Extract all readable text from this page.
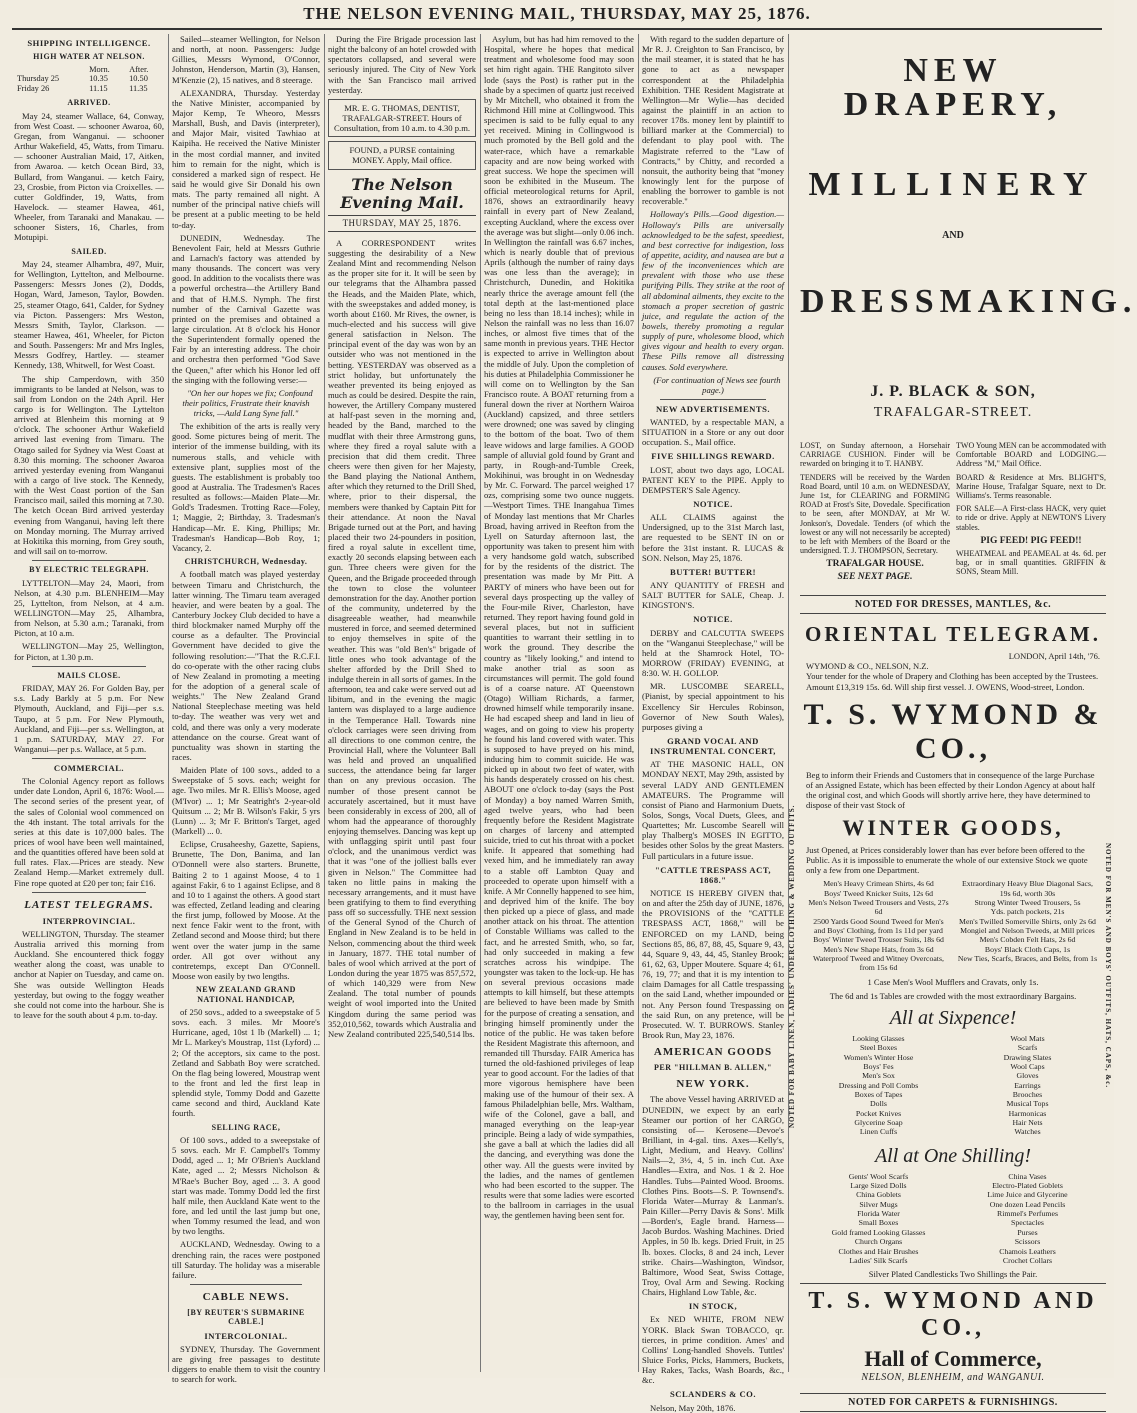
THE NELSON EVENING MAIL, THURSDAY, MAY 25, 1876.

SHIPPING INTELLIGENCE.

HIGH WATER AT NELSON.

	Morn.	After.
Thursday 25	10.35	10.50
Friday 26	11.15	11.35

ARRIVED.

May 24, steamer Wallace, 64, Conway, from West Coast. — schooner Awaroa, 60, Gregan, from Wanganui. — schooner Arthur Wakefield, 45, Watts, from Timaru. — schooner Australian Maid, 17, Aitken, from Awaroa. — ketch Ocean Bird, 33, Bullard, from Wanganui. — ketch Fairy, 23, Crosbie, from Picton via Croixelles. — cutter Goldfinder, 19, Watts, from Havelock. — steamer Hawea, 461, Wheeler, from Taranaki and Manakau. — schooner Sisters, 16, Charles, from Motupipi.

SAILED.

May 24, steamer Alhambra, 497, Muir, for Wellington, Lyttelton, and Melbourne. Passengers: Messrs Jones (2), Dodds, Hogan, Ward, Jameson, Taylor, Bowden. 25, steamer Otago, 641, Calder, for Sydney via Picton. Passengers: Mrs Weston, Messrs Smith, Taylor, Clarkson. — steamer Hawea, 461, Wheeler, for Picton and South. Passengers: Mr and Mrs Ingles, Messrs Godfrey, Hartley. — steamer Kennedy, 138, Whitwell, for West Coast.

The ship Camperdown, with 350 immigrants to be landed at Nelson, was to sail from London on the 24th April. Her cargo is for Wellington. The Lyttelton arrived at Blenheim this morning at 9 o'clock. The schooner Arthur Wakefield arrived last evening from Timaru. The Otago sailed for Sydney via West Coast at 8.30 this morning. The schooner Awaroa arrived yesterday evening from Wanganui with a cargo of live stock. The Kennedy, with the West Coast portion of the San Francisco mail, sailed this morning at 7.30. The ketch Ocean Bird arrived yesterday evening from Wanganui, having left there on Monday morning. The Murray arrived at Hokitika this morning, from Grey south, and will sail on to-morrow.

BY ELECTRIC TELEGRAPH.

LYTTELTON—May 24, Maori, from Nelson, at 4.30 p.m. BLENHEIM—May 25, Lyttelton, from Nelson, at 4 a.m. WELLINGTON—May 25, Alhambra, from Nelson, at 5.30 a.m.; Taranaki, from Picton, at 10 a.m.

WELLINGTON—May 25, Wellington, for Picton, at 1.30 p.m.

MAILS CLOSE.

FRIDAY, MAY 26. For Golden Bay, per s.s. Lady Barkly at 5 p.m. For New Plymouth, Auckland, and Fiji—per s.s. Taupo, at 5 p.m. For New Plymouth, Auckland, and Fiji—per s.s. Wellington, at 1 p.m. SATURDAY, MAY 27. For Wanganui—per p.s. Wallace, at 5 p.m.

COMMERCIAL.

The Colonial Agency report as follows under date London, April 6, 1876: Wool.—The second series of the present year, of the sales of Colonial wool commenced on the 4th instant. The total arrivals for the series at this date is 107,000 bales. The prices of wool have been well maintained, and the quantities offered have been sold at full rates. Flax.—Prices are steady. New Zealand Hemp.—Market extremely dull. Fine rope quoted at £20 per ton; fair £16.

LATEST TELEGRAMS.

INTERPROVINCIAL.

WELLINGTON, Thursday. The steamer Australia arrived this morning from Auckland. She encountered thick foggy weather along the coast, was unable to anchor at Napier on Tuesday, and came on. She was outside Wellington Heads yesterday, but owing to the foggy weather she could not come into the harbour. She is to leave for the south about 4 p.m. to-day.

Sailed—steamer Wellington, for Nelson and north, at noon. Passengers: Judge Gillies, Messrs Wymond, O'Connor, Johnston, Henderson, Martin (3), Hansen, M'Kenzie (2), 15 natives, and 8 steerage.

ALEXANDRA, Thursday. Yesterday the Native Minister, accompanied by Major Kemp, Te Wheoro, Messrs Marshall, Bush, and Davis (interpreter), and Major Mair, visited Tawhiao at Kaipiha. He received the Native Minister in the most cordial manner, and invited him to remain for the night, which is considered a marked sign of respect. He said he would give Sir Donald his own mats. The party remained all night. A number of the principal native chiefs will be present at a public meeting to be held to-day.

DUNEDIN, Wednesday. The Benevolent Fair, held at Messrs Guthrie and Larnach's factory was attended by many thousands. The concert was very good. In addition to the vocalists there was a powerful orchestra—the Artillery Band and that of H.M.S. Nymph. The first number of the Carnival Gazette was printed on the premises and obtained a large circulation. At 8 o'clock his Honor the Superintendent formally opened the Fair by an interesting address. The choir and orchestra then performed "God Save the Queen," after which his Honor led off the singing with the following verse:—

"On her our hopes we fix; Confound their politics, Frustrate their knavish tricks, —Auld Lang Syne fall."

The exhibition of the arts is really very good. Some pictures being of merit. The interior of the immense building, with its numerous stalls, and vehicle with extensive plant, supplies most of the guests. The establishment is probably too good at Australia. The Tradesmen's Races resulted as follows:—Maiden Plate—Mr. Gold's Tradesmen. Trotting Race—Foley, 1; Maggie, 2; Birthday, 3. Tradesman's Handicap—Mr. E. King, Phillips; Mr. Tradesman's Handicap—Bob Roy, 1; Vacancy, 2.

CHRISTCHURCH, Wednesday.

A football match was played yesterday between Timaru and Christchurch, the latter winning. The Timaru team averaged heavier, and were beaten by a goal. The Canterbury Jockey Club decided to have a third blockmaker named Murphy off the course as a defaulter. The Provincial Government have decided to give the following resolution:—"That the R.C.F.I. do co-operate with the other racing clubs of New Zealand in promoting a meeting for the adoption of a general scale of weights." The New Zealand Grand National Steeplechase meeting was held to-day. The weather was very wet and cold, and there was only a very moderate attendance on the course. Great want of punctuality was shown in starting the races.

Maiden Plate of 100 sovs., added to a Sweepstake of 5 sovs. each; weight for age. Two miles. Mr R. Ellis's Moose, aged (M'Ivor) ... 1; Mr Seatright's 2-year-old Quitsum ... 2; Mr B. Wilson's Fakir, 5 yrs (Lunn) ... 3; Mr F. Britton's Target, aged (Markell) ... 0.

Eclipse, Crusaheeshy, Gazette, Sapiens, Brunette, The Don, Banima, and Ian O'Donnell were also starters. Brunette, Baiting 2 to 1 against Moose, 4 to 1 against Fakir, 6 to 1 against Eclipse, and 8 and 10 to 1 against the others. A good start was effected, Zetland leading and clearing the first jump, followed by Moose. At the next fence Fakir went to the front, with Zetland second and Moose third; but there went over the water jump in the same order. All got over without any contretemps, except Dan O'Connell. Moose won easily by two lengths.

NEW ZEALAND GRAND NATIONAL HANDICAP,

of 250 sovs., added to a sweepstake of 5 sovs. each. 3 miles. Mr Moore's Hurricane, aged, 10st 1 lb (Markell) ... 1; Mr L. Markey's Moustrap, 11st (Lyford) ... 2; Of the acceptors, six came to the post. Zetland and Sabbath Boy were scratched. On the flag being lowered, Moustrap went to the front and led the first leap in splendid style, Tommy Dodd and Gazette came second and third, Auckland Kate fourth.

SELLING RACE,

Of 100 sovs., added to a sweepstake of 5 sovs. each. Mr F. Campbell's Tommy Dodd, aged ... 1; Mr O'Brien's Auckland Kate, aged ... 2; Messrs Nicholson & M'Rae's Bucher Boy, aged ... 3. A good start was made. Tommy Dodd led the first half mile, then Auckland Kate went to the fore, and led until the last jump but one, when Tommy resumed the lead, and won by two lengths.

AUCKLAND, Wednesday. Owing to a drenching rain, the races were postponed till Saturday. The holiday was a miserable failure.

CABLE NEWS.

[BY REUTER'S SUBMARINE CABLE.]

INTERCOLONIAL.

SYDNEY, Thursday. The Government are giving free passages to destitute diggers to enable them to visit the country to search for work.

During the Fire Brigade procession last night the balcony of an hotel crowded with spectators collapsed, and several were seriously injured. The City of New York with the San Francisco mail arrived yesterday.

MR. E. G. THOMAS, DENTIST, TRAFALGAR-STREET. Hours of Consultation, from 10 a.m. to 4.30 p.m.
FOUND, a PURSE containing MONEY. Apply, Mail office.
The Nelson Evening Mail.
THURSDAY, MAY 25, 1876.

A CORRESPONDENT writes suggesting the desirability of a New Zealand Mint and recommending Nelson as the proper site for it. It will be seen by our telegrams that the Alhambra passed the Heads, and the Maiden Plate, which, with the sweepstakes and added money, is worth about £160. Mr Rives, the owner, is much-elected and his success will give general satisfaction in Nelson. The principal event of the day was won by an outsider who was not mentioned in the betting. YESTERDAY was observed as a strict holiday, but unfortunately the weather prevented its being enjoyed as much as could be desired. Despite the rain, however, the Artillery Company mustered at half-past seven in the morning and, headed by the Band, marched to the mudflat with their three Armstrong guns, where they fired a royal salute with a precision that did them credit. Three cheers were then given for her Majesty, the Band playing the National Anthem, after which they returned to the Drill Shed, where, prior to their dispersal, the members were thanked by Captain Pitt for their attendance. At noon the Naval Brigade turned out at the Port, and having placed their two 24-pounders in position, fired a royal salute in excellent time, exactly 20 seconds elapsing between each gun. Three cheers were given for the Queen, and the Brigade proceeded through the town to close the volunteer demonstration for the day. Another portion of the community, undeterred by the disagreeable weather, had meanwhile mustered in force, and seemed determined to enjoy themselves in spite of the weather. This was "old Ben's" brigade of little ones who took advantage of the shelter afforded by the Drill Shed to indulge therein in all sorts of games. In the afternoon, tea and cake were served out ad libitum, and in the evening the magic lantern was displayed to a large audience in the Temperance Hall. Towards nine o'clock carriages were seen driving from all directions to one common centre, the Provincial Hall, where the Volunteer Ball was held and proved an unqualified success, the attendance being far larger than on any previous occasion. The number of those present cannot be accurately ascertained, but it must have been considerably in excess of 200, all of whom had the appearance of thoroughly enjoying themselves. Dancing was kept up with unflagging spirit until past four o'clock, and the unanimous verdict was that it was "one of the jolliest balls ever given in Nelson." The Committee had taken no little pains in making the necessary arrangements, and it must have been gratifying to them to find everything pass off so successfully. THE next session of the General Synod of the Church of England in New Zealand is to be held in Nelson, commencing about the third week in January, 1877. THE total number of bales of wool which arrived at the port of London during the year 1875 was 857,572, of which 140,329 were from New Zealand. The total number of pounds weight of wool imported into the United Kingdom during the same period was 352,010,562, towards which Australia and New Zealand contributed 225,540,514 lbs.

Asylum, but has had him removed to the Hospital, where he hopes that medical treatment and wholesome food may soon set him right again. THE Rangitoto silver lode (says the Post) is rather put in the shade by a specimen of quartz just received by Mr Mitchell, who obtained it from the Richmond Hill mine at Collingwood. This specimen is said to be fully equal to any yet received. Mining in Collingwood is much promoted by the Bell gold and the water-race, which have a remarkable capacity and are now being worked with great success. We hope the specimen will soon be exhibited in the Museum. The official meteorological returns for April, 1876, shows an extraordinarily heavy rainfall in every part of New Zealand, excepting Auckland, where the excess over the average was but slight—only 0.06 inch. In Wellington the rainfall was 6.67 inches, which is nearly double that of previous Aprils (although the number of rainy days was one less than the average); in Christchurch, Dunedin, and Hokitika nearly thrice the average amount fell (the total depth at the last-mentioned place being no less than 18.14 inches); while in Nelson the rainfall was no less than 16.07 inches, or almost five times that of the same month in previous years. THE Hector is expected to arrive in Wellington about the middle of July. Upon the completion of his duties at Philadelphia Commissioner he will come on to Wellington by the San Francisco route. A BOAT returning from a funeral down the river at Northern Wairoa (Auckland) capsized, and three settlers were drowned; one was saved by clinging to the bottom of the boat. Two of them leave widows and large families. A GOOD sample of alluvial gold found by Grant and party, in Rough-and-Tumble Creek, Mokihinui, was brought in on Wednesday by Mr. C. Forward. The parcel weighed 17 ozs, comprising some two ounce nuggets.—Westport Times. THE Inangahua Times of Monday last mentions that Mr Charles Broad, having arrived in Reefton from the Lyell on Saturday afternoon last, the opportunity was taken to present him with a very handsome gold watch, subscribed for by the residents of the district. The presentation was made by Mr Pitt. A PARTY of miners who have been out for several days prospecting up the valley of the Four-mile River, Charleston, have returned. They report having found gold in several places, but not in sufficient quantities to warrant their settling in to work the ground. They describe the country as "likely looking," and intend to make another trial as soon as circumstances will permit. The gold found is of a coarse nature. AT Queenstown (Otago) William Richards, a farmer, drowned himself while temporarily insane. He had escaped sheep and land in lieu of wages, and on going to view his property he found his land covered with water. This is supposed to have preyed on his mind, inducing him to commit suicide. He was picked up in about two feet of water, with his hands desperately crossed on his chest. ABOUT one o'clock to-day (says the Post of Monday) a boy named Warren Smith, aged twelve years, who had been frequently before the Resident Magistrate on charges of larceny and attempted suicide, tried to cut his throat with a pocket knife. It appeared that something had vexed him, and he immediately ran away to a stable off Lambton Quay and proceeded to operate upon himself with a knife. A Mr Connelly happened to see him, and deprived him of the knife. The boy then picked up a piece of glass, and made another attack on his throat. The attention of Constable Williams was called to the fact, and he arrested Smith, who, so far, had only succeeded in making a few scratches across his windpipe. The youngster was taken to the lock-up. He has on several previous occasions made attempts to kill himself, but these attempts are believed to have been made by Smith for the purpose of creating a sensation, and bringing himself prominently under the notice of the public. He was taken before the Resident Magistrate this afternoon, and remanded till Thursday. FAIR America has turned the old-fashioned privileges of leap year to good account. For the ladies of that more vigorous hemisphere have been making use of the humour of their sex. A famous Philadelphian belle, Mrs. Waltham, wife of the Colonel, gave a ball, and managed everything on the leap-year principle. Being a lady of wide sympathies, she gave a ball at which the ladies did all the dancing, and everything was done the other way. All the guests were invited by the ladies, and the names of gentlemen who had been escorted to the supper. The results were that some ladies were escorted to the ballroom in carriages in the usual way, the gentlemen having been sent for.

With regard to the sudden departure of Mr R. J. Creighton to San Francisco, by the mail steamer, it is stated that he has gone to act as a newspaper correspondent at the Philadelphia Exhibition. THE Resident Magistrate at Wellington—Mr Wylie—has decided against the plaintiff in an action to recover 178s. money lent by plaintiff to billiard marker at the Commercial) to defendant to play pool with. The Magistrate referred to the "Law of Contracts," by Chitty, and recorded a nonsuit, the authority being that "money knowingly lent for the purpose of enabling the borrower to gamble is not recoverable."

Holloway's Pills.—Good digestion.—Holloway's Pills are universally acknowledged to be the safest, speediest, and best corrective for indigestion, loss of appetite, acidity, and nausea are but a few of the inconveniences which are prevalent with those who use these purifying Pills. They strike at the root of all abdominal ailments, they excite to the stomach a proper secretion of gastric juice, and regulate the action of the bowels, thereby promoting a regular supply of pure, wholesome blood, which gives vigour and health to every organ. These Pills remove all distressing causes. Sold everywhere.

(For continuation of News see fourth page.)

NEW ADVERTISEMENTS.

WANTED, by a respectable MAN, a SITUATION in a Store or any out door occupation. S., Mail office.

FIVE SHILLINGS REWARD.

LOST, about two days ago, LOCAL PATENT KEY to the PIPE. Apply to DEMPSTER'S Sale Agency.

NOTICE.

ALL CLAIMS against the Undersigned, up to the 31st March last, are requested to be SENT IN on or before the 31st instant. R. LUCAS & SON. Nelson, May 25, 1876.

BUTTER! BUTTER!

ANY QUANTITY of FRESH and SALT BUTTER for SALE, Cheap. J. KINGSTON'S.

NOTICE.

DERBY and CALCUTTA SWEEPS on the "Wanganui Steeplechase," will be held at the Shamrock Hotel, TO-MORROW (FRIDAY) EVENING, at 8:30. W. H. GOLLOP.

MR. LUSCOMBE SEARELL, (Pianist, by special appointment to his Excellency Sir Hercules Robinson, Governor of New South Wales), purposes giving a

GRAND VOCAL AND INSTRUMENTAL CONCERT,

AT THE MASONIC HALL, ON MONDAY NEXT, May 29th, assisted by several LADY AND GENTLEMEN AMATEURS. The Programme will consist of Piano and Harmonium Duets, Solos, Songs, Vocal Duets, Glees, and Quartettes; Mr. Luscombe Searell will play Thalberg's MOSES IN EGITTO, besides other Solos by the great Masters. Full particulars in a future issue.

"CATTLE TRESPASS ACT, 1868."

NOTICE IS HEREBY GIVEN that, on and after the 25th day of JUNE, 1876, the PROVISIONS of the "CATTLE TRESPASS ACT, 1868," will be ENFORCED on my LAND, being Sections 85, 86, 87, 88, 45, Square 9, 43, 44, Square 9, 43, 44, 45, Stanley Brook; 61, 62, 63, Upper Moutere. Square 4; 61, 76, 19, 77; and that it is my intention to claim Damages for all Cattle trespassing on the said Land, whether impounded or not. Any Person found Trespassing on the said Run, on any pretence, will be Prosecuted. W. T. BURROWS. Stanley Brook Run, May 23, 1876.

AMERICAN GOODS

PER "HILLMAN B. ALLEN,"

NEW YORK.

The above Vessel having ARRIVED at DUNEDIN, we expect by an early Steamer our portion of her CARGO, consisting of— Kerosene—Devoe's Brilliant, in 4-gal. tins. Axes—Kelly's, Light, Medium, and Heavy. Collins' Nails—2, 3½, 4, 5 in. inch Cut. Axe Handles—Extra, and Nos. 1 & 2. Hoe Handles. Tubs—Painted Wood. Brooms. Clothes Pins. Boots—S. P. Townsend's. Florida Water—Murray & Lanman's. Pain Killer—Perry Davis & Sons'. Milk—Borden's, Eagle brand. Harness—Jacob Burdos. Washing Machines. Dried Apples, in 50 lb. kegs. Dried Fruit, in 25 lb. boxes. Clocks, 8 and 24 inch, Lever strike. Chairs—Washington, Windsor, Baltimore, Wood Seat, Swiss Cottage, Troy, Oval Arm and Sewing. Rocking Chairs, Highland Low Table, &c.

IN STOCK,

Ex NED WHITE, FROM NEW YORK. Black Swan TOBACCO, qr. tierces, in prime condition. Ames' and Collins' Long-handled Shovels. Tuttles' Sluice Forks, Picks, Hammers, Buckets, Hay Rakes, Tacks, Wash Boards, &c., &c.

SCLANDERS & CO.

Nelson, May 20th, 1876.

NEW DRAPERY,
MILLINERY
AND
DRESSMAKING.
J. P. BLACK & SON,
TRAFALGAR-STREET.

LOST, on Sunday afternoon, a Horsehair CARRIAGE CUSHION. Finder will be rewarded on bringing it to T. HANBY.

TENDERS will be received by the Warden Road Board, until 10 a.m. on WEDNESDAY, June 1st, for CLEARING and FORMING ROAD at Frost's Site, Dovedale. Specification to be seen, after MONDAY, at Mr W. Jonkson's, Dovedale. Tenders (of which the lowest or any will not necessarily be accepted) to be left with Members of the Board or the undersigned. T. J. THOMPSON, Secretary.

TRAFALGAR HOUSE.

SEE NEXT PAGE.

TWO Young MEN can be accommodated with Comfortable BOARD and LODGING.—Address "M," Mail Office.

BOARD & Residence at Mrs. BLIGHT'S, Marine House, Trafalgar Square, next to Dr. Williams's. Terms reasonable.

FOR SALE—A First-class HACK, very quiet to ride or drive. Apply at NEWTON'S Livery stables.

PIG FEED! PIG FEED!!

WHEATMEAL and PEAMEAL at 4s. 6d. per bag, or in small quantities. GRIFFIN & SONS, Steam Mill.

NOTED FOR DRESSES, MANTLES, &c.
ORIENTAL TELEGRAM.
LONDON, April 14th, '76.
WYMOND & CO., NELSON, N.Z.
Your tender for the whole of Drapery and Clothing has been accepted by the Trustees. Amount £13,319 15s. 6d. Will ship first vessel. J. OWENS, Wood-street, London.
T. S. WYMOND & CO.,
Beg to inform their Friends and Customers that in consequence of the large Purchase of an Assigned Estate, which has been effected by their London Agency at about half the original cost, and which Goods will shortly arrive here, they have determined to dispose of their vast Stock of
WINTER GOODS,
Just Opened, at Prices considerably lower than has ever before been offered to the Public. As it is impossible to enumerate the whole of our extensive Stock we quote only a few from one Department.
Men's Heavy Crimean Shirts, 4s 6d
Boys' Tweed Knicker Suits, 12s 6d
Men's Nelson Tweed Trousers and Vests, 27s 6d
2500 Yards Good Sound Tweed for Men's and Boys' Clothing, from 1s 11d per yard
Boys' Winter Tweed Trouser Suits, 18s 6d
Men's New Shape Hats, from 3s 6d
Waterproof Tweed and Witney Overcoats, from 15s 6d
Extraordinary Heavy Blue Diagonal Sacs, 19s 6d, worth 30s
Strong Winter Tweed Trousers, 5s
Yds. patch pockets, 21s
Men's Twilled Somerville Shirts, only 2s 6d
Mongiel and Nelson Tweeds, at Mill prices
Men's Cobden Felt Hats, 2s 6d
Boys' Black Cloth Caps, 1s
New Ties, Scarfs, Braces, and Belts, from 1s
1 Case Men's Wool Mufflers and Cravats, only 1s.
The 6d and 1s Tables are crowded with the most extraordinary Bargains.
All at Sixpence!
Looking Glasses
Steel Boxes
Women's Winter Hose
Boys' Fes
Men's Sox
Dressing and Poll Combs
Boxes of Tapes
Dolls
Pocket Knives
Glycerine Soap
Linen Cuffs
Wool Mats
Scarfs
Drawing Slates
Wool Caps
Gloves
Earrings
Brooches
Musical Tops
Harmonicas
Hair Nets
Watches
All at One Shilling!
Gents' Wool Scarfs
Large Sized Dolls
China Goblets
Silver Mugs
Florida Water
Small Boxes
Gold framed Looking Glasses
Church Organs
Clothes and Hair Brushes
Ladies' Silk Scarfs
China Vases
Electro-Plated Goblets
Lime Juice and Glycerine
One dozen Lead Pencils
Rimmel's Perfumes
Spectacles
Purses
Scissors
Chamois Leathers
Crochet Collars
Silver Plated Candlesticks Two Shillings the Pair.
T. S. WYMOND AND CO.,
Hall of Commerce,
NELSON, BLENHEIM, and WANGANUI.
NOTED FOR CARPETS & FURNISHINGS.
NOTED FOR BABY LINEN, LADIES' UNDERCLOTHING & WEDDING OUTFITS.	NOTED FOR MEN'S AND BOYS' OUTFITS, HATS, CAPS, &c.
